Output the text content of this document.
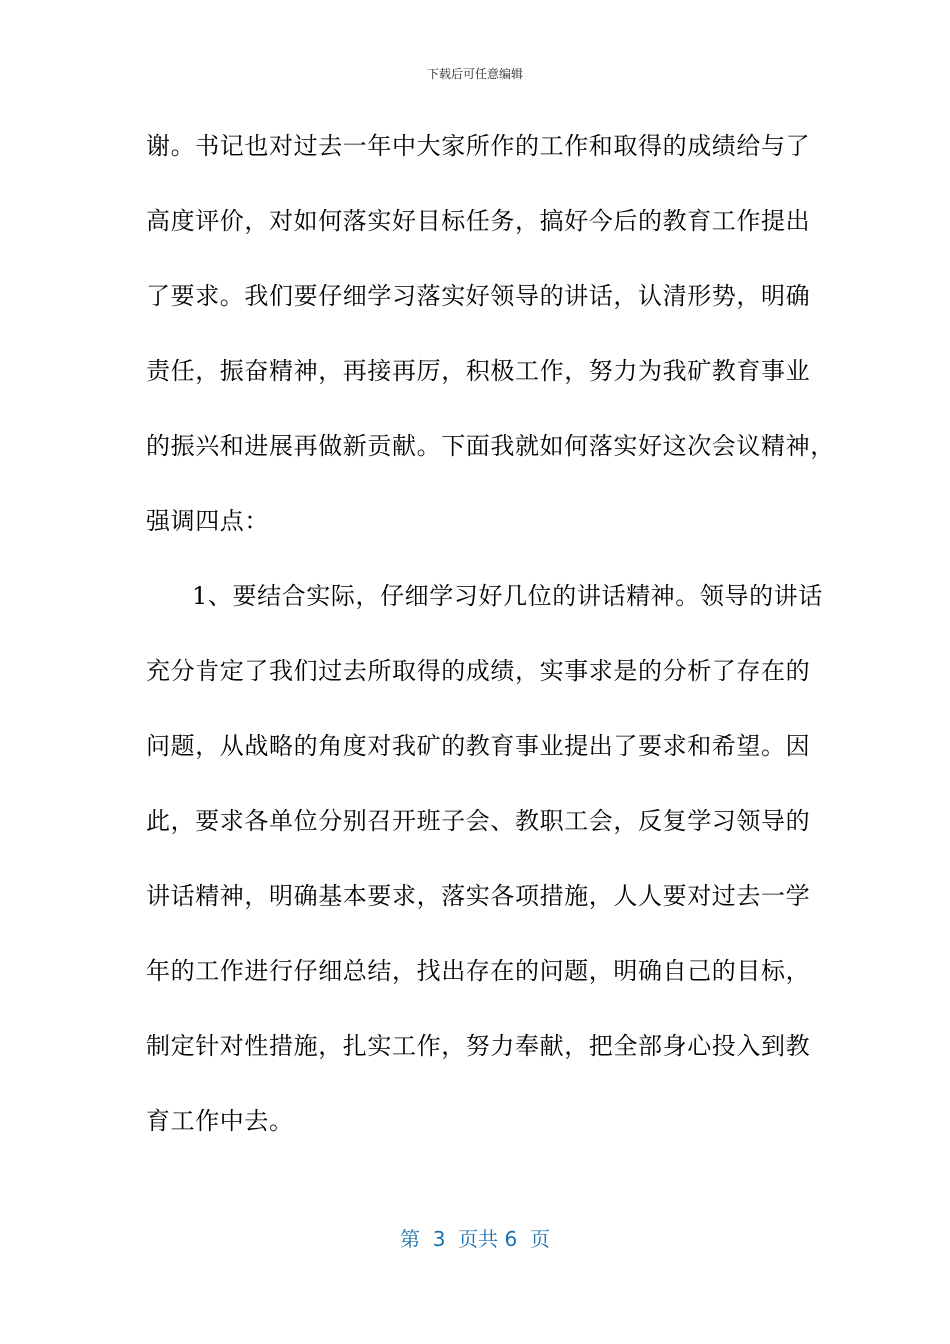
下载后可任意编辑
谢。书记也对过去一年中大家所作的工作和取得的成绩给与了
高度评价，对如何落实好目标任务，搞好今后的教育工作提出
了要求。我们要仔细学习落实好领导的讲话，认清形势，明确
责任，振奋精神，再接再厉，积极工作，努力为我矿教育事业
的振兴和进展再做新贡献。下面我就如何落实好这次会议精神，
强调四点：
1、要结合实际，仔细学习好几位的讲话精神。领导的讲话
充分肯定了我们过去所取得的成绩，实事求是的分析了存在的
问题，从战略的角度对我矿的教育事业提出了要求和希望。因
此，要求各单位分别召开班子会、教职工会，反复学习领导的
讲话精神，明确基本要求，落实各项措施，人人要对过去一学
年的工作进行仔细总结，找出存在的问题，明确自己的目标，
制定针对性措施，扎实工作，努力奉献，把全部身心投入到教
育工作中去。
第  3  页共 6  页
